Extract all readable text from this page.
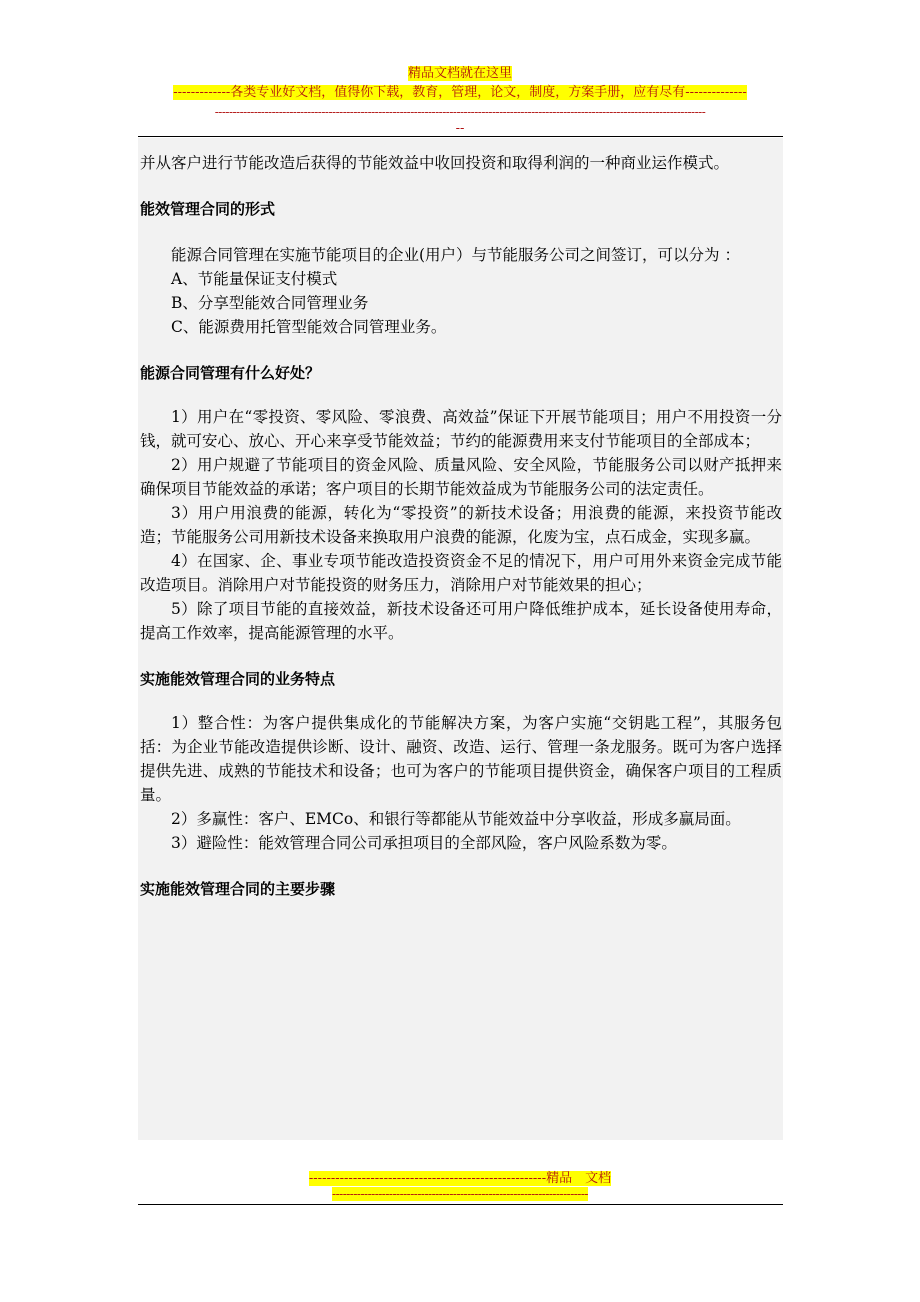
精品文档就在这里
-------------各类专业好文档，值得你下载，教育，管理，论文，制度，方案手册，应有尽有--------------
------------------------------------------------------------------------------------------------------------------------------------------
--

并从客户进行节能改造后获得的节能效益中收回投资和取得利润的一种商业运作模式。

能效管理合同的形式

能源合同管理在实施节能项目的企业(用户）与节能服务公司之间签订，可以分为 ：

A、节能量保证支付模式
B、分享型能效合同管理业务
C、能源费用托管型能效合同管理业务。

能源合同管理有什么好处？

1）用户在“零投资、零风险、零浪费、高效益”保证下开展节能项目；用户不用投资一分钱，就可安心、放心、开心来享受节能效益；节约的能源费用来支付节能项目的全部成本；

2）用户规避了节能项目的资金风险、质量风险、安全风险，节能服务公司以财产抵押来确保项目节能效益的承诺；客户项目的长期节能效益成为节能服务公司的法定责任。

3）用户用浪费的能源，转化为“零投资”的新技术设备；用浪费的能源，来投资节能改造；节能服务公司用新技术设备来换取用户浪费的能源，化废为宝，点石成金，实现多赢。

4）在国家、企、事业专项节能改造投资资金不足的情况下，用户可用外来资金完成节能改造项目。消除用户对节能投资的财务压力，消除用户对节能效果的担心；

5）除了项目节能的直接效益，新技术设备还可用户降低维护成本，延长设备使用寿命，提高工作效率，提高能源管理的水平。

实施能效管理合同的业务特点

1）整合性：为客户提供集成化的节能解决方案，为客户实施“交钥匙工程”，其服务包括：为企业节能改造提供诊断、设计、融资、改造、运行、管理一条龙服务。既可为客户选择提供先进、成熟的节能技术和设备；也可为客户的节能项目提供资金，确保客户项目的工程质量。

2）多赢性：客户、EMCo、和银行等都能从节能效益中分享收益，形成多赢局面。

3）避险性：能效管理合同公司承担项目的全部风险，客户风险系数为零。

实施能效管理合同的主要步骤

------------------------------------------------------精品　文档
------------------------------------------------------------------------
